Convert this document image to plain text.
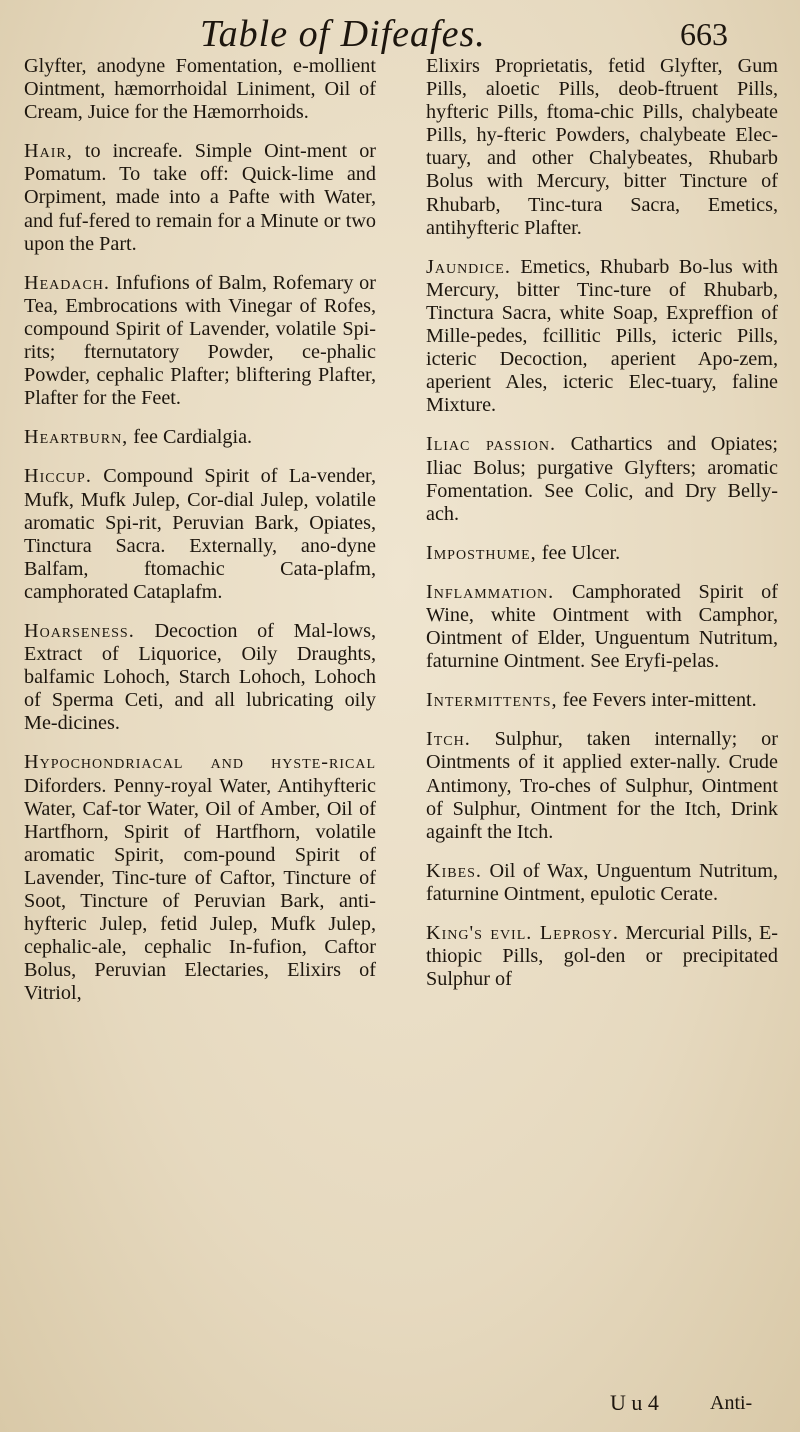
Table of Difeafes.	663

Glyfter, anodyne Fomentation, e-mollient Ointment, hæmorrhoidal Liniment, Oil of Cream, Juice for the Hæmorrhoids.

Hair, to increafe. Simple Oint-ment or Pomatum. To take off: Quick-lime and Orpiment, made into a Pafte with Water, and fuf-fered to remain for a Minute or two upon the Part.

Headach. Infufions of Balm, Rofemary or Tea, Embrocations with Vinegar of Rofes, compound Spirit of Lavender, volatile Spi-rits; fternutatory Powder, ce-phalic Powder, cephalic Plafter; bliftering Plafter, Plafter for the Feet.

Heartburn, fee Cardialgia.

Hiccup. Compound Spirit of La-vender, Mufk, Mufk Julep, Cor-dial Julep, volatile aromatic Spi-rit, Peruvian Bark, Opiates, Tinctura Sacra. Externally, ano-dyne Balfam, ftomachic Cata-plafm, camphorated Cataplafm.

Hoarseness. Decoction of Mal-lows, Extract of Liquorice, Oily Draughts, balfamic Lohoch, Starch Lohoch, Lohoch of Sperma Ceti, and all lubricating oily Me-dicines.

Hypochondriacal and hyste-rical Diforders. Penny-royal Water, Antihyfteric Water, Caf-tor Water, Oil of Amber, Oil of Hartfhorn, Spirit of Hartfhorn, volatile aromatic Spirit, com-pound Spirit of Lavender, Tinc-ture of Caftor, Tincture of Soot, Tincture of Peruvian Bark, anti-hyfteric Julep, fetid Julep, Mufk Julep, cephalic-ale, cephalic In-fufion, Caftor Bolus, Peruvian Electaries, Elixirs of Vitriol,

Elixirs Proprietatis, fetid Glyfter, Gum Pills, aloetic Pills, deob-ftruent Pills, hyfteric Pills, ftoma-chic Pills, chalybeate Pills, hy-fteric Powders, chalybeate Elec-tuary, and other Chalybeates, Rhubarb Bolus with Mercury, bitter Tincture of Rhubarb, Tinc-tura Sacra, Emetics, antihyfteric Plafter.

Jaundice. Emetics, Rhubarb Bo-lus with Mercury, bitter Tinc-ture of Rhubarb, Tinctura Sacra, white Soap, Expreffion of Mille-pedes, fcillitic Pills, icteric Pills, icteric Decoction, aperient Apo-zem, aperient Ales, icteric Elec-tuary, faline Mixture.

Iliac passion. Cathartics and Opiates; Iliac Bolus; purgative Glyfters; aromatic Fomentation. See Colic, and Dry Belly-ach.

Imposthume, fee Ulcer.

Inflammation. Camphorated Spirit of Wine, white Ointment with Camphor, Ointment of Elder, Unguentum Nutritum, faturnine Ointment. See Eryfi-pelas.

Intermittents, fee Fevers inter-mittent.

Itch. Sulphur, taken internally; or Ointments of it applied exter-nally. Crude Antimony, Tro-ches of Sulphur, Ointment of Sulphur, Ointment for the Itch, Drink againft the Itch.

Kibes. Oil of Wax, Unguentum Nutritum, faturnine Ointment, epulotic Cerate.

King's evil. Leprosy. Mercurial Pills, E-thiopic Pills, gol-den or precipitated Sulphur of

U u 4	Anti-
